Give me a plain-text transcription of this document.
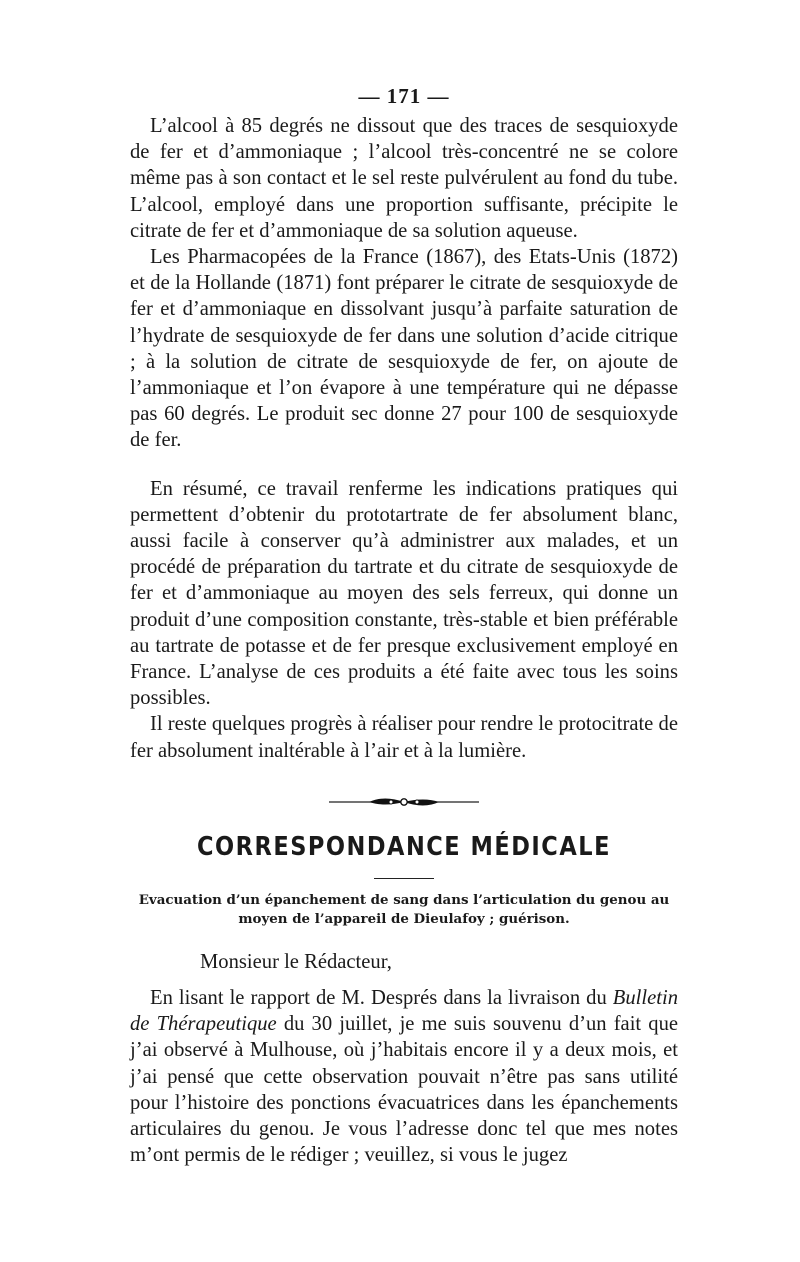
— 171 —

L’alcool à 85 degrés ne dissout que des traces de sesquioxyde de fer et d’ammoniaque ; l’alcool très-concentré ne se colore même pas à son contact et le sel reste pulvérulent au fond du tube. L’alcool, employé dans une proportion suffisante, précipite le citrate de fer et d’ammoniaque de sa solution aqueuse.

Les Pharmacopées de la France (1867), des Etats-Unis (1872) et de la Hollande (1871) font préparer le citrate de sesquioxyde de fer et d’ammoniaque en dissolvant jusqu’à parfaite saturation de l’hydrate de sesquioxyde de fer dans une solution d’acide citrique ; à la solution de citrate de sesquioxyde de fer, on ajoute de l’ammoniaque et l’on évapore à une température qui ne dépasse pas 60 degrés. Le produit sec donne 27 pour 100 de sesquioxyde de fer.

En résumé, ce travail renferme les indications pratiques qui permettent d’obtenir du prototartrate de fer absolument blanc, aussi facile à conserver qu’à administrer aux malades, et un procédé de préparation du tartrate et du citrate de sesquioxyde de fer et d’ammoniaque au moyen des sels ferreux, qui donne un produit d’une composition constante, très-stable et bien préférable au tartrate de potasse et de fer presque exclusivement employé en France. L’analyse de ces produits a été faite avec tous les soins possibles.

Il reste quelques progrès à réaliser pour rendre le protocitrate de fer absolument inaltérable à l’air et à la lumière.

CORRESPONDANCE MÉDICALE

Evacuation d’un épanchement de sang dans l’articulation du genou au moyen de l’appareil de Dieulafoy ; guérison.

Monsieur le Rédacteur,

En lisant le rapport de M. Després dans la livraison du Bulletin de Thérapeutique du 30 juillet, je me suis souvenu d’un fait que j’ai observé à Mulhouse, où j’habitais encore il y a deux mois, et j’ai pensé que cette observation pouvait n’être pas sans utilité pour l’histoire des ponctions évacuatrices dans les épanchements articulaires du genou. Je vous l’adresse donc tel que mes notes m’ont permis de le rédiger ; veuillez, si vous le jugez
